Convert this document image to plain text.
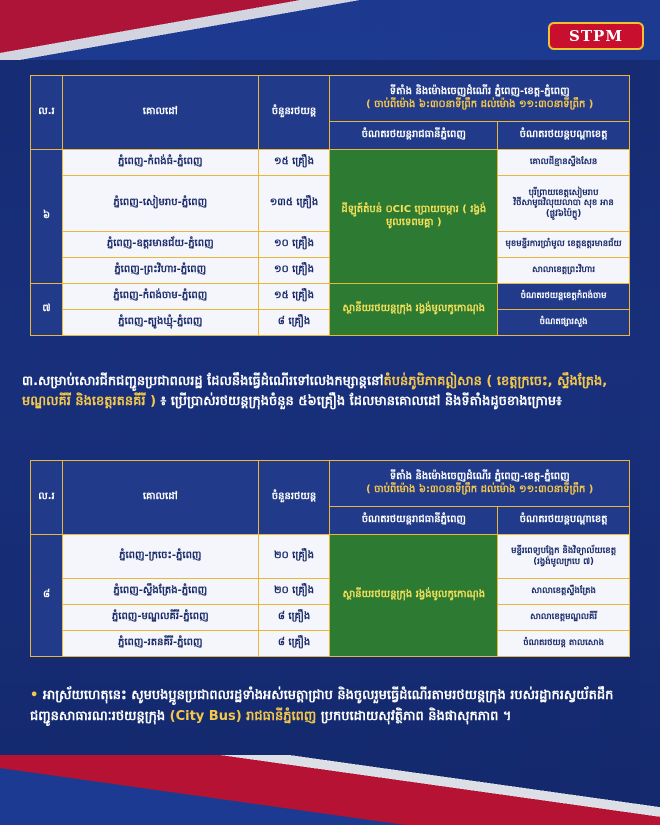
STPM
ល.រ	គោលដៅ	ចំនួនរថយន្ត	ទីតាំង និងម៉ោងចេញដំណើរ ភ្នំពេញ-ខេត្ត-ភ្នំពេញ
( ចាប់ពីម៉ោង ៦:៣០នាទីព្រឹក ដល់ម៉ោង ១១:៣០នាទីព្រឹក )	

			ចំណតរថយន្តរាជធានីភ្នំពេញ	ចំណតរថយន្តបណ្តាខេត្ត
៦	ភ្នំពេញ-កំពង់ធំ-ភ្នំពេញ	១៥ គ្រឿង	ដីឡូត៍តំបន់ ០CIC ប្រោយចម្ការ ( រង្វង់មូលទេពមគ្គា )	គោលដីខ្មានស្ទឹងសែន
	ភ្នំពេញ-សៀមរាប-ភ្នំពេញ	១៣៥ គ្រឿង		បុរីព្រាយខេត្តសៀមរាប វិថីសាមូធវិលុយលាបា សុខ អាន (ផ្លូវ៦ប៉ៃក្លូ)
	ភ្នំពេញ-ឧត្តរមានជ័យ-ភ្នំពេញ	១០ គ្រឿង		មុខមន្ទីរការប្រាំមូល ខេត្តឧត្តរមានជ័យ
	ភ្នំពេញ-ព្រះវិហារ-ភ្នំពេញ	១០ គ្រឿង		សាលាខេត្តព្រះវិហារ
៧	ភ្នំពេញ-កំពង់ចាម-ភ្នំពេញ	១៥ គ្រឿង	ស្ថានីយរថយន្តក្រុង រង្វង់មូលកូកោណុង	ចំណតរថយន្តខេត្តកំពង់ចាម
	ភ្នំពេញ-ត្បូងឃ្មុំ-ភ្នំពេញ	៨ គ្រឿង		ចំណតផ្សារសួង
៣.សម្រាប់សោរជីកជញ្ជូនប្រជាពលរដ្ឋ ដែលនឹងធ្វើដំណើរទៅលេងកម្សាន្តនៅតំបន់ភូមិភាគឦសាន ( ខេត្តក្រចេះ, ស្ទឹងត្រែង, មណ្ឌលគីរី និងខេត្តរតនគីរី ) ៖ ប្រើប្រាស់រថយន្តក្រុងចំនួន ៥៦គ្រឿង ដែលមានគោលដៅ និងទីតាំងដូចខាងក្រោម៖
ល.រ	គោលដៅ	ចំនួនរថយន្ត	ទីតាំង និងម៉ោងចេញដំណើរ ភ្នំពេញ-ខេត្ត-ភ្នំពេញ
( ចាប់ពីម៉ោង ៦:៣០នាទីព្រឹក ដល់ម៉ោង ១១:៣០នាទីព្រឹក )	

			ចំណតរថយន្តរាជធានីភ្នំពេញ	ចំណតរថយន្តបណ្តាខេត្ត
៨	ភ្នំពេញ-ក្រចេះ-ភ្នំពេញ	២០ គ្រឿង	ស្ថានីយរថយន្តក្រុង រង្វង់មូលកូកោណុង	មន្ទីរពេទ្យបង្អែក និងវិទ្យាល័យខេត្ត (រង្វង់មូលក្របេ ៧)
	ភ្នំពេញ-ស្ទឹងត្រែង-ភ្នំពេញ	២០ គ្រឿង		សាលាខេត្តស្ទឹងត្រែង
	ភ្នំពេញ-មណ្ឌលគីរី-ភ្នំពេញ	៨ គ្រឿង		សាលាខេត្តមណ្ឌលគីរី
	ភ្នំពេញ-រតនគីរី-ភ្នំពេញ	៨ គ្រឿង		ចំណតរថយន្ត តាលសោង
• អាស្រ័យហេតុនេះ សូមបងប្អូនប្រជាពលរដ្ឋទាំងអស់មេត្តាជ្រាប និងចូលរួមធ្វើដំណើរតាមរថយន្តក្រុង របស់រដ្ឋាករស្វយ័តដឹកជញ្ជូនសាធារណៈរថយន្តក្រុង (City Bus) រាជធានីភ្នំពេញ ប្រកបដោយសុវត្ថិភាព និងផាសុកភាព ។
